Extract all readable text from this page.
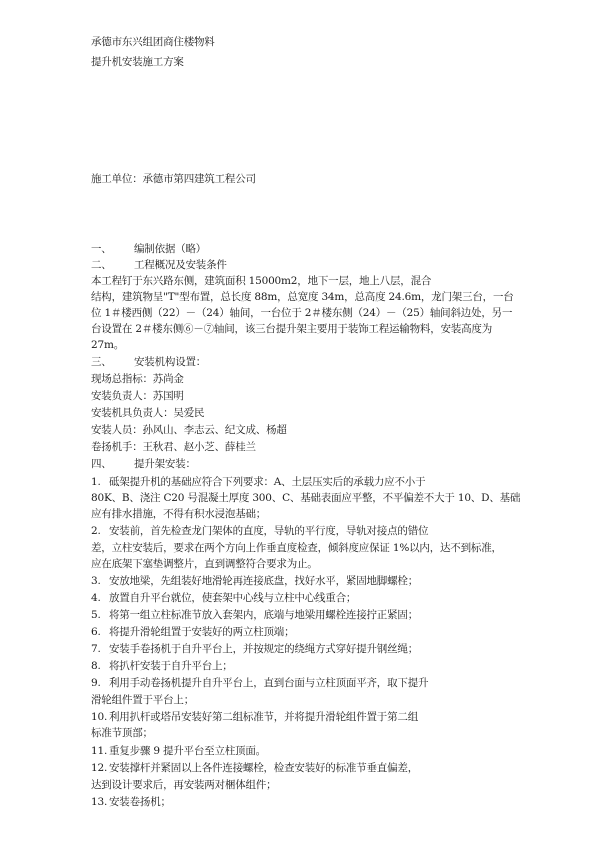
承德市东兴组团商住楼物料
提升机安装施工方案
施工单位：承德市第四建筑工程公司
一、 编制依据（略）
二、 工程概况及安装条件
本工程钉于东兴路东侧，建筑面积 15000m2，地下一层，地上八层，混合
结构，建筑物呈"T"型布置，总长度 88m，总宽度 34m，总高度 24.6m，龙门架三台，一台
位 1＃楼西侧（22）－（24）轴间，一台位于 2＃楼东侧（24）－（25）轴间斜边处，另一
台设置在 2＃楼东侧⑥－⑦轴间，该三台提升架主要用于装饰工程运输物料，安装高度为
27m。
三、 安装机构设置：
现场总指标：苏尚金
安装负责人：苏国明
安装机具负责人：吴爱民
安装人员：孙风山、李志云、纪文成、杨超
卷扬机手：王秋君、赵小芝、薛桂兰
四、 提升架安装：
1. 砥架提升机的基础应符合下列要求：A、土层压实后的承载力应不小于
80K、B、浇注 C20 号混凝土厚度 300、C、基础表面应平整，不平偏差不大于 10、D、基础
应有排水措施，不得有积水浸泡基础；
2. 安装前，首先检查龙门架体的直度，导轨的平行度，导轨对接点的错位
差，立柱安装后，要求在两个方向上作垂直度检查，倾斜度应保证 1%以内，达不到标准，
应在底架下塞垫调整片，直到调整符合要求为止。
3. 安放地梁，先组装好地滑轮再连接底盘，找好水平，紧固地脚螺栓；
4. 放置自升平台就位，使套架中心线与立柱中心线重合；
5. 将第一组立柱标准节放入套架内，底端与地梁用螺栓连接拧正紧固；
6. 将提升滑轮组置于安装好的两立柱顶端；
7. 安装手卷扬机于自升平台上，并按规定的绕绳方式穿好提升钢丝绳；
8. 将扒杆安装于自升平台上；
9. 利用手动卷扬机提升自升平台上，直到台面与立柱顶面平齐，取下提升
滑轮组件置于平台上；
10. 利用扒杆或塔吊安装好第二组标准节，并将提升滑轮组件置于第二组
标准节顶部；
11. 重复步骤 9 提升平台至立柱顶面。
12. 安装撑杆并紧固以上各件连接螺栓，检查安装好的标准节垂直偏差，
达到设计要求后，再安装两对梱体组件；
13. 安装卷扬机；
